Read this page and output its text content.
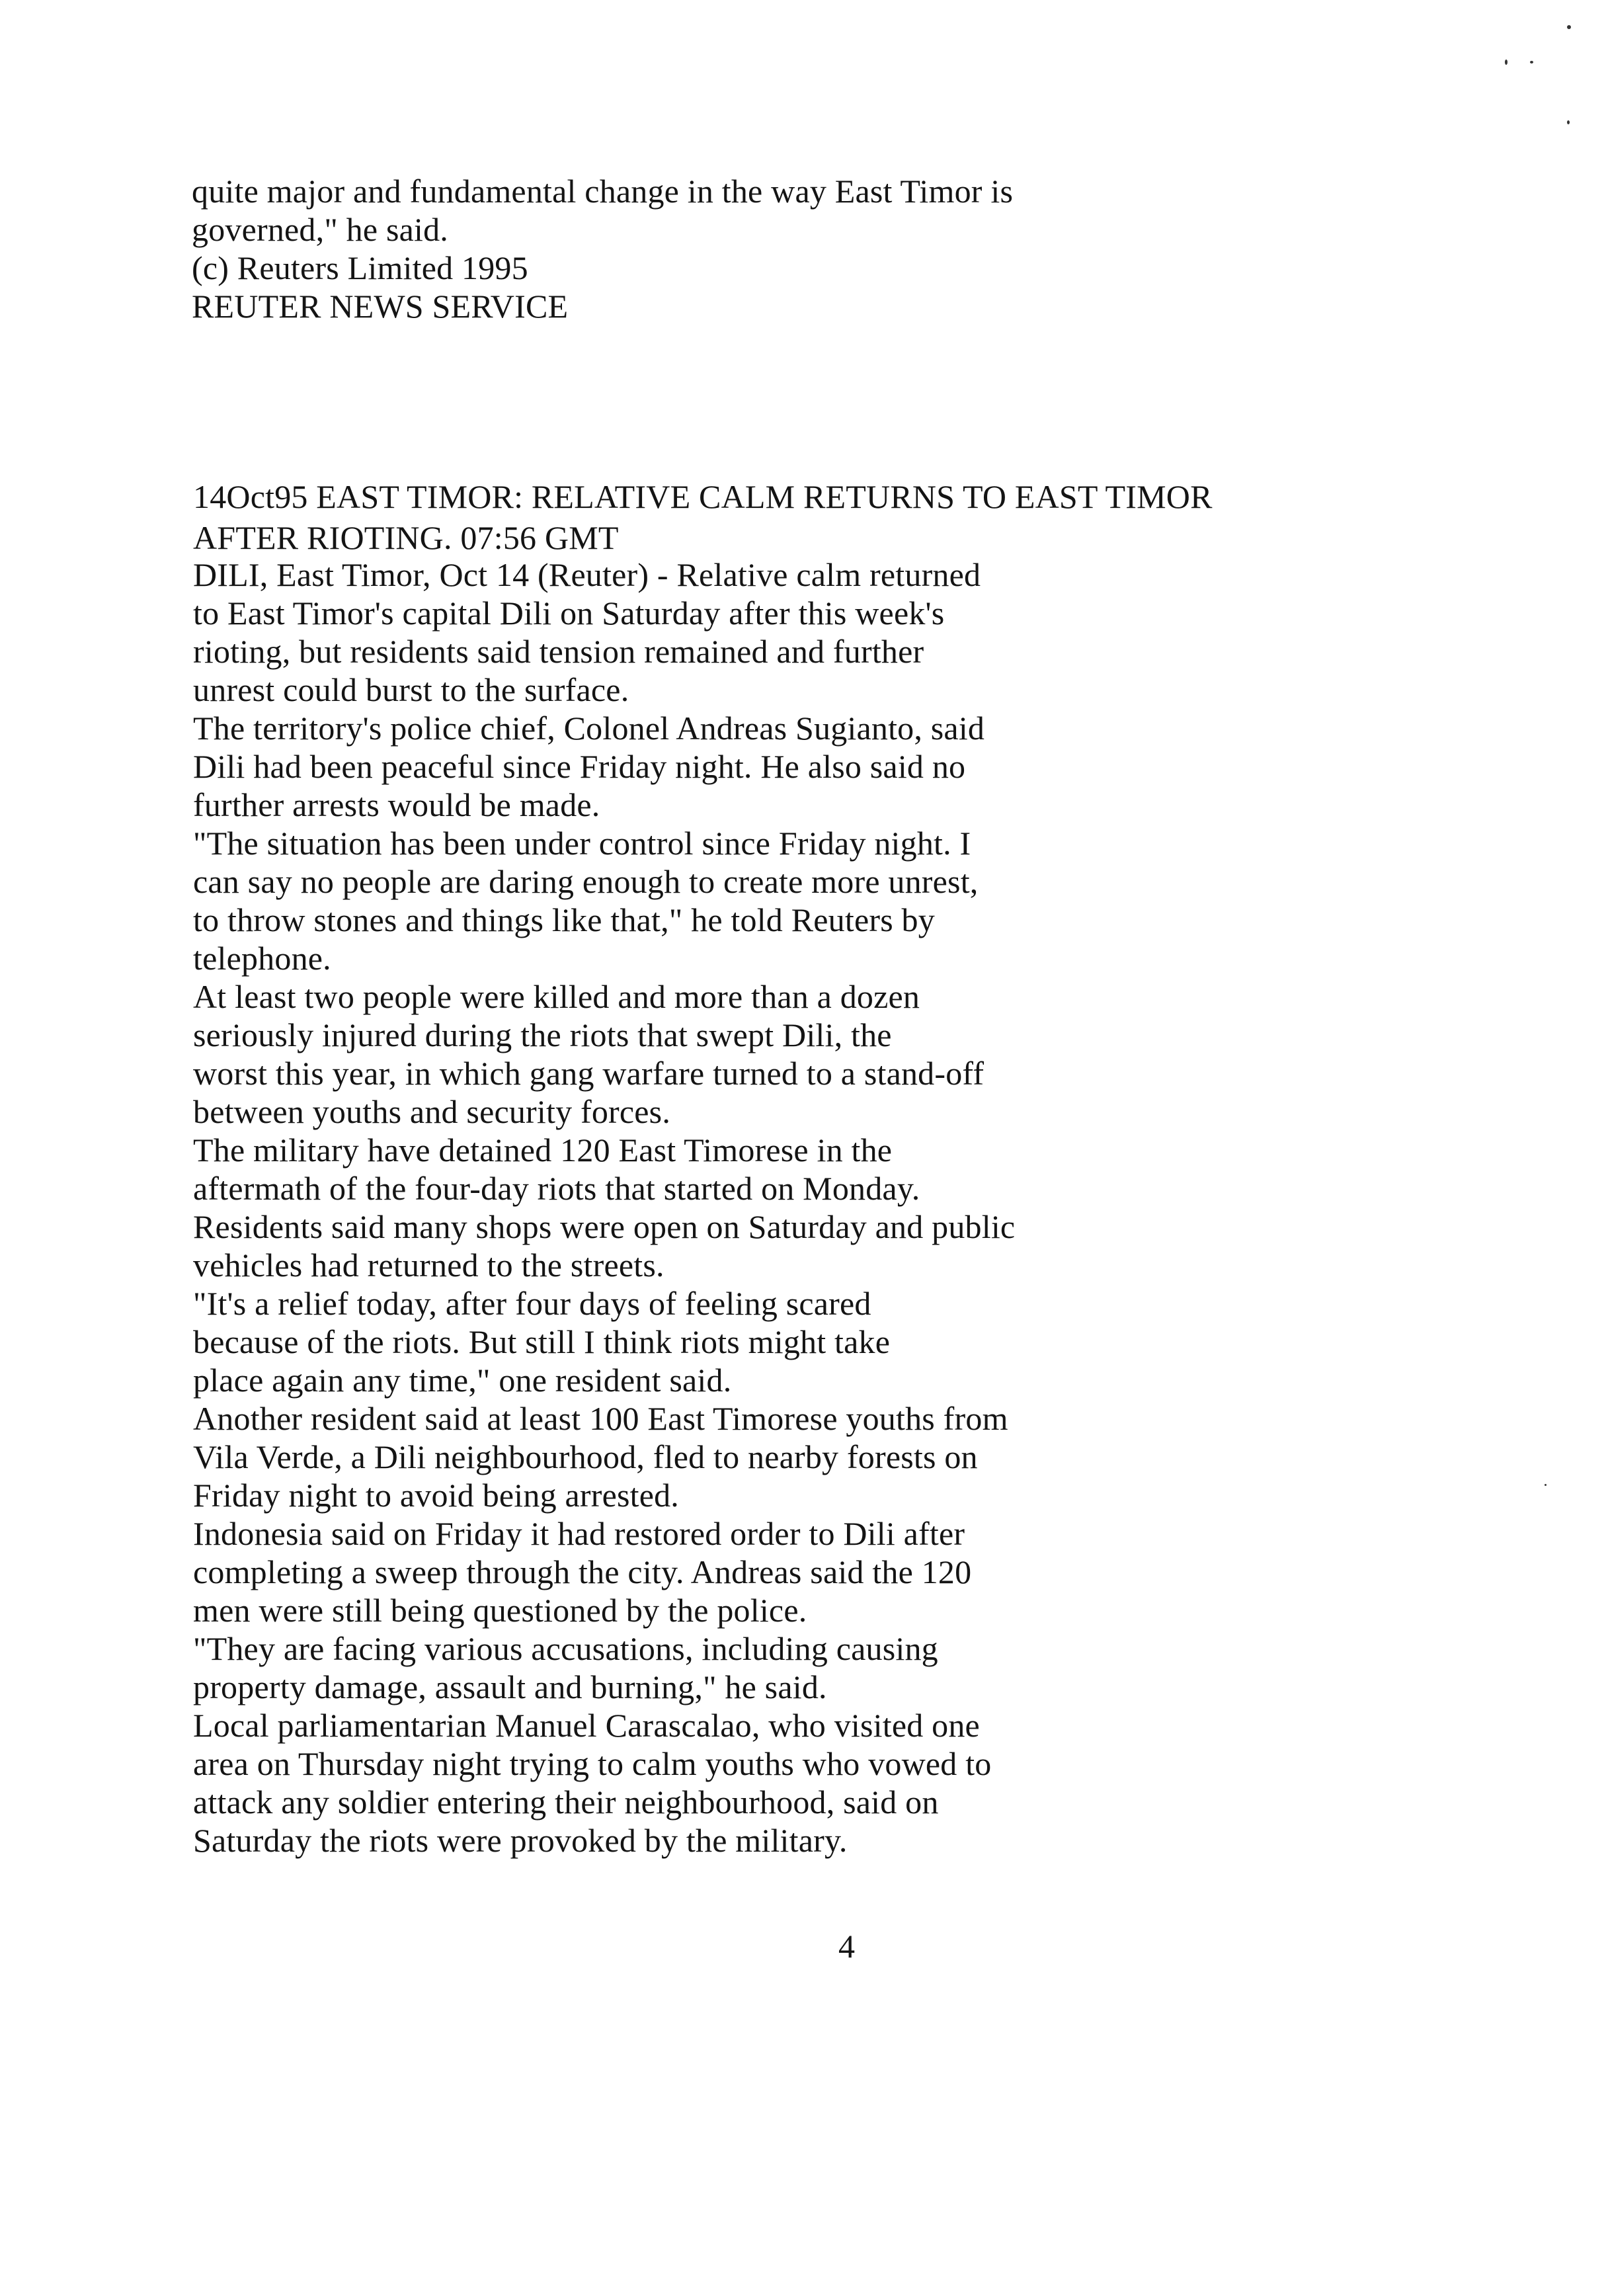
quite major and fundamental change in the way East Timor is
governed," he said.
(c) Reuters Limited 1995
REUTER NEWS SERVICE
14Oct95 EAST TIMOR: RELATIVE CALM RETURNS TO EAST TIMOR
AFTER RIOTING. 07:56 GMT
DILI, East Timor, Oct 14 (Reuter) - Relative calm returned
to East Timor's capital Dili on Saturday after this week's
rioting, but residents said tension remained and further
unrest could burst to the surface.
The territory's police chief, Colonel Andreas Sugianto, said
Dili had been peaceful since Friday night. He also said no
further arrests would be made.
"The situation has been under control since Friday night. I
can say no people are daring enough to create more unrest,
to throw stones and things like that," he told Reuters by
telephone.
At least two people were killed and more than a dozen
seriously injured during the riots that swept Dili, the
worst this year, in which gang warfare turned to a stand-off
between youths and security forces.
The military have detained 120 East Timorese in the
aftermath of the four-day riots that started on Monday.
Residents said many shops were open on Saturday and public
vehicles had returned to the streets.
"It's a relief today, after four days of feeling scared
because of the riots. But still I think riots might take
place again any time," one resident said.
Another resident said at least 100 East Timorese youths from
Vila Verde, a Dili neighbourhood, fled to nearby forests on
Friday night to avoid being arrested.
Indonesia said on Friday it had restored order to Dili after
completing a sweep through the city. Andreas said the 120
men were still being questioned by the police.
"They are facing various accusations, including causing
property damage, assault and burning," he said.
Local parliamentarian Manuel Carascalao, who visited one
area on Thursday night trying to calm youths who vowed to
attack any soldier entering their neighbourhood, said on
Saturday the riots were provoked by the military.
4
